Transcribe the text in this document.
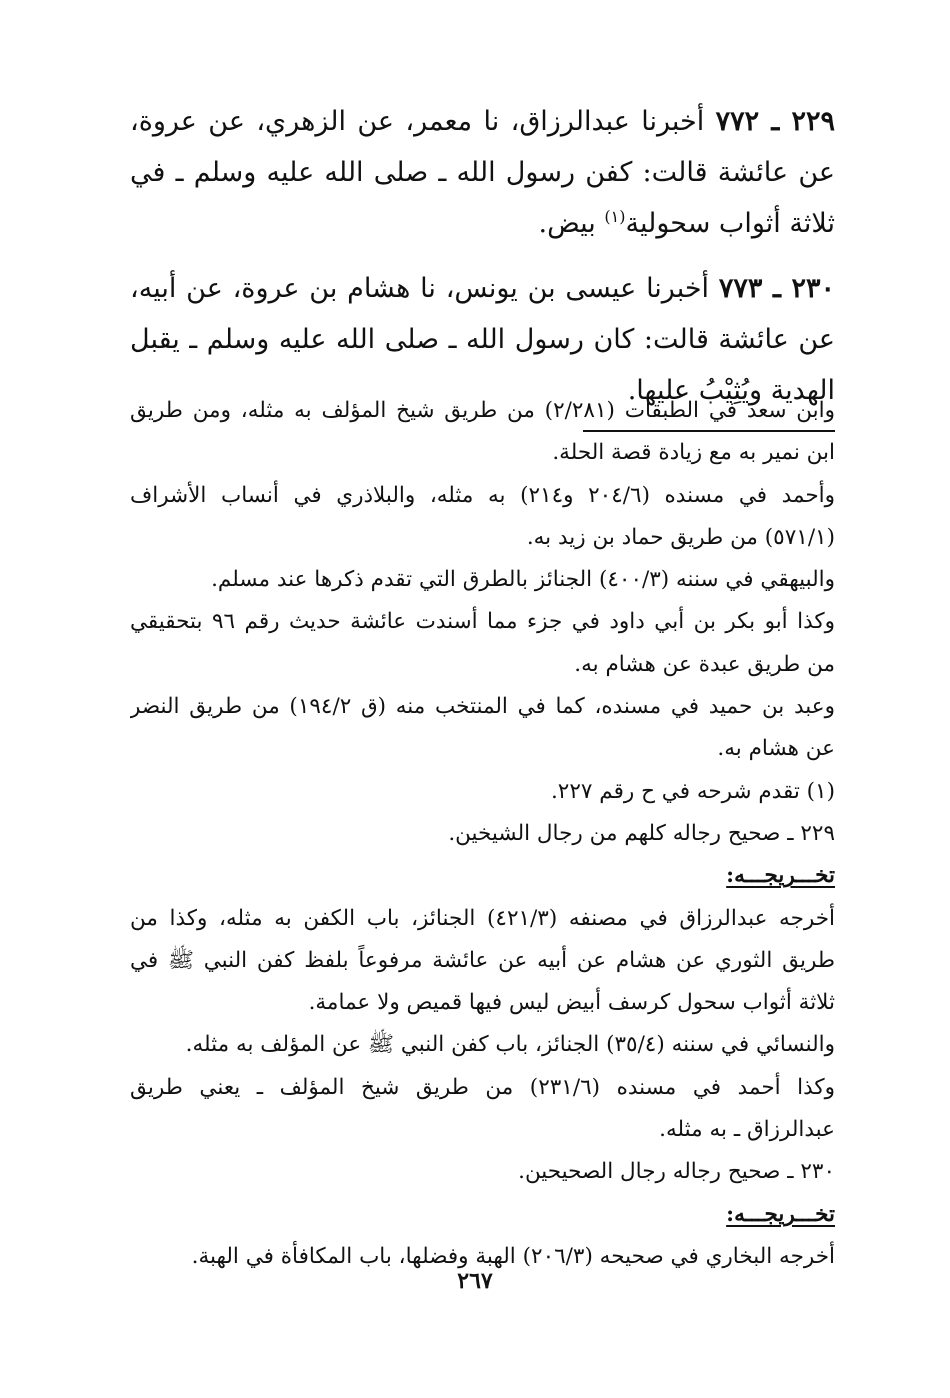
٢٢٩ ـ ٧٧٢ أخبرنا عبدالرزاق، نا معمر، عن الزهري، عن عروة، عن عائشة قالت: كفن رسول الله ـ صلى الله عليه وسلم ـ في ثلاثة أثواب سحولية$^{(١)}$ بيض.

٢٣٠ ـ ٧٧٣ أخبرنا عيسى بن يونس، نا هشام بن عروة، عن أبيه، عن عائشة قالت: كان رسول الله ـ صلى الله عليه وسلم ـ يقبل الهدية ويُثِيْبُ عليها.

وابن سعد في الطبقات (٢/٢٨١) من طريق شيخ المؤلف به مثله، ومن طريق
ابن نمير به مع زيادة قصة الحلة.
وأحمد في مسنده (٢٠٤/٦ و٢١٤) به مثله، والبلاذري في أنساب الأشراف
(٥٧١/١) من طريق حماد بن زيد به.
والبيهقي في سننه (٤٠٠/٣) الجنائز بالطرق التي تقدم ذكرها عند مسلم.
وكذا أبو بكر بن أبي داود في جزء مما أسندت عائشة حديث رقم ٩٦ بتحقيقي
من طريق عبدة عن هشام به.
وعبد بن حميد في مسنده، كما في المنتخب منه (ق ١٩٤/٢) من طريق النضر
عن هشام به.
(١) تقدم شرحه في ح رقم ٢٢٧.
٢٢٩ ـ صحيح رجاله كلهم من رجال الشيخين.
تخـــريجـــه:
أخرجه عبدالرزاق في مصنفه (٤٢١/٣) الجنائز، باب الكفن به مثله، وكذا من
طريق الثوري عن هشام عن أبيه عن عائشة مرفوعاً بلفظ كفن النبي ﷺ في
ثلاثة أثواب سحول كرسف أبيض ليس فيها قميص ولا عمامة.
والنسائي في سننه (٣٥/٤) الجنائز، باب كفن النبي ﷺ عن المؤلف به مثله.
وكذا أحمد في مسنده (٢٣١/٦) من طريق شيخ المؤلف ـ يعني طريق
عبدالرزاق ـ به مثله.
٢٣٠ ـ صحيح رجاله رجال الصحيحين.
تخـــريجـــه:
أخرجه البخاري في صحيحه (٢٠٦/٣) الهبة وفضلها، باب المكافأة في الهبة.
٢٦٧
